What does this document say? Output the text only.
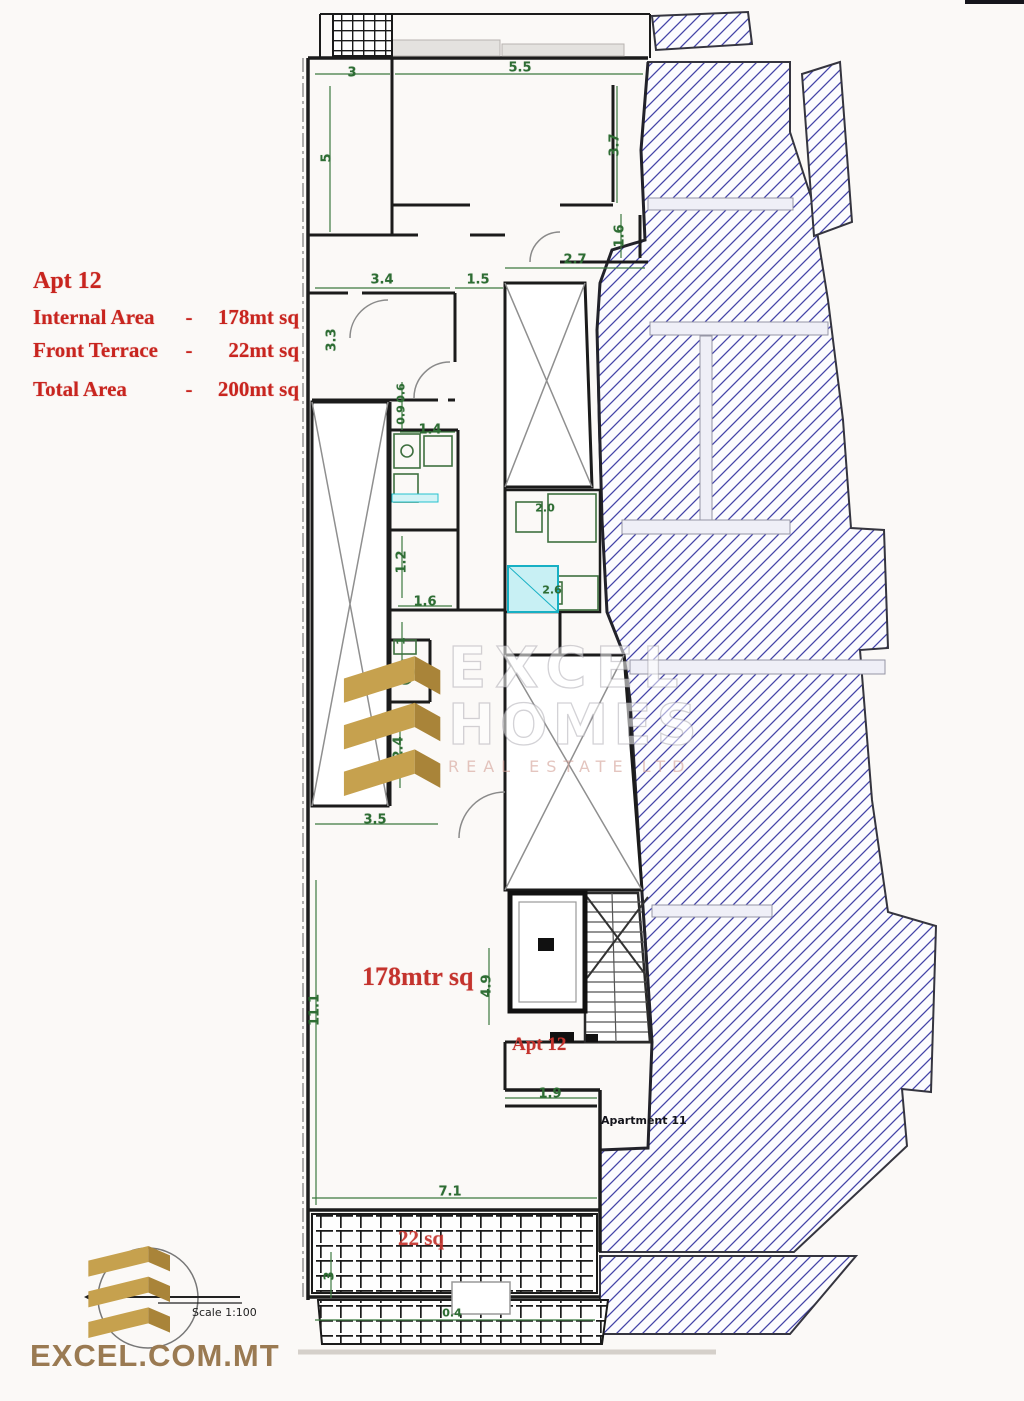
Apt 12
Internal Area	-	178mt sq
Front Terrace	-	22mt sq
Total Area	-	200mt sq
178mtr sq
Apt 12
22 sq
Apartment 11
3	5.5
5
3.7
1.6
2.7
3.4	1.5
3.3
0.6
0.9
1.4
2.0
1.2
2.6
1.6
1
2.4
3.5
11.1
4.9
1.9
7.1
3
0.4
EXCEL
HOMES
REAL ESTATE LTD
Scale 1:100
EXCEL.COM.MT
